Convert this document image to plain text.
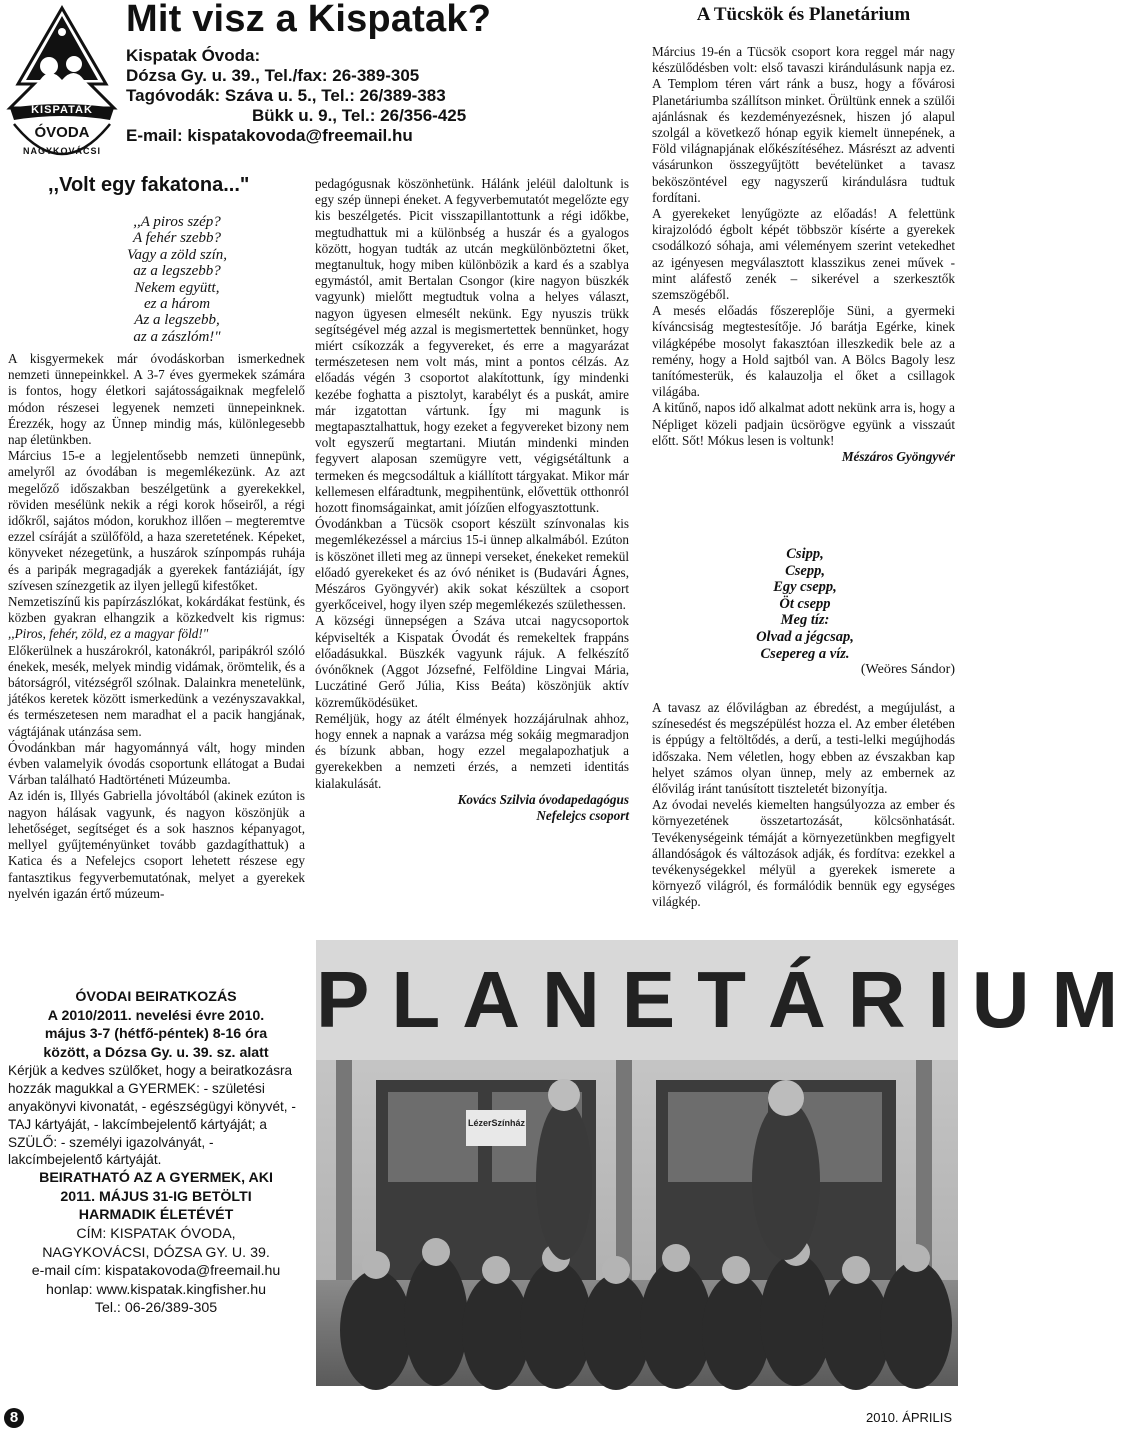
KISPATAK
ÓVODA
NAGYKOVÁCSI
Mit visz a Kispatak?
Kispatak Óvoda:
Dózsa Gy. u. 39., Tel./fax: 26-389-305
Tagóvodák: Száva u. 5., Tel.: 26/389-383
Bükk u. 9., Tel.: 26/356-425
E-mail: kispatakovoda@freemail.hu
,,Volt egy fakatona..."
,,A piros szép?
A fehér szebb?
Vagy a zöld szín,
az a legszebb?
Nekem együtt,
ez a három
Az a legszebb,
az a zászlóm!"

A kisgyermekek már óvodáskorban ismerkednek nemzeti ünnepeinkkel. A 3-7 éves gyermekek számára is fontos, hogy életkori sajátosságaiknak megfelelő módon részesei legyenek nemzeti ünnepeinknek. Érezzék, hogy az Ünnep mindig más, különlegesebb nap életünkben.

Március 15-e a legjelentősebb nemzeti ünnepünk, amelyről az óvodában is megemlékezünk. Az azt megelőző időszakban beszélgetünk a gyerekekkel, röviden mesélünk nekik a régi korok hőseiről, a régi időkről, sajátos módon, korukhoz illően – megteremtve ezzel csíráját a szülőföld, a haza szeretetének. Képeket, könyveket nézegetünk, a huszárok színpompás ruhája és a paripák megragadják a gyerekek fantáziáját, így szívesen színezgetik az ilyen jellegű kifestőket.

Nemzetiszínű kis papírzászlókat, kokárdákat festünk, és közben gyakran elhangzik a közkedvelt kis rigmus: ,,Piros, fehér, zöld, ez a magyar föld!"

Előkerülnek a huszárokról, katonákról, paripákról szóló énekek, mesék, melyek mindig vidámak, örömtelik, és a bátorságról, vitézségről szólnak. Dalainkra menetelünk, játékos keretek között ismerkedünk a vezényszavakkal, és természetesen nem maradhat el a pacik hangjának, vágtájának utánzása sem.

Óvodánkban már hagyománnyá vált, hogy minden évben valamelyik óvodás csoportunk ellátogat a Budai Várban található Hadtörténeti Múzeumba.

Az idén is, Illyés Gabriella jóvoltából (akinek ezúton is nagyon hálásak vagyunk, és nagyon köszönjük a lehetőséget, segítséget és a sok hasznos képanyagot, mellyel gyűjteményünket tovább gazdagíthattuk) a Katica és a Nefelejcs csoport lehetett részese egy fantasztikus fegyverbemutatónak, melyet a gyerekek nyelvén igazán értő múzeum-

pedagógusnak köszönhetünk. Hálánk jeléül daloltunk is egy szép ünnepi éneket. A fegyverbemutatót megelőzte egy kis beszélgetés. Picit visszapillantottunk a régi időkbe, megtudhattuk mi a különbség a huszár és a gyalogos között, hogyan tudták az utcán megkülönböztetni őket, megtanultuk, hogy miben különbözik a kard és a szablya egymástól, amit Bertalan Csongor (kire nagyon büszkék vagyunk) mielőtt megtudtuk volna a helyes választ, nagyon ügyesen elmesélt nekünk. Egy nyuszis trükk segítségével még azzal is megismertettek bennünket, hogy miért csíkozzák a fegyvereket, és erre a magyarázat természetesen nem volt más, mint a pontos célzás. Az előadás végén 3 csoportot alakítottunk, így mindenki kezébe foghatta a pisztolyt, karabélyt és a puskát, amire már izgatottan vártunk. Így mi magunk is megtapasztalhattuk, hogy ezeket a fegyvereket bizony nem volt egyszerű megtartani. Miután mindenki minden fegyvert alaposan szemügyre vett, végigsétáltunk a termeken és megcsodáltuk a kiállított tárgyakat. Mikor már kellemesen elfáradtunk, megpihentünk, elővettük otthonról hozott finomságainkat, amit jóízűen elfogyasztottunk.

Óvodánkban a Tücsök csoport készült színvonalas kis megemlékezéssel a március 15-i ünnep alkalmából. Ezúton is köszönet illeti meg az ünnepi verseket, énekeket remekül előadó gyerekeket és az óvó néniket is (Budavári Ágnes, Mészáros Gyöngyvér) akik sokat készültek a csoport gyerkőceivel, hogy ilyen szép megemlékezés születhessen.

A községi ünnepségen a Száva utcai nagycsoportok képviselték a Kispatak Óvodát és remekeltek frappáns előadásukkal. Büszkék vagyunk rájuk. A felkészítő óvónőknek (Aggot Józsefné, Felföldine Lingvai Mária, Luczátiné Gerő Júlia, Kiss Beáta) köszönjük aktív közreműködésüket.

Reméljük, hogy az átélt élmények hozzájárulnak ahhoz, hogy ennek a napnak a varázsa még sokáig megmaradjon és bízunk abban, hogy ezzel megalapozhatjuk a gyerekekben a nemzeti érzés, a nemzeti identitás kialakulását.

Kovács Szilvia óvodapedagógus

Nefelejcs csoport

A Tücskök és Planetárium

Március 19-én a Tücsök csoport kora reggel már nagy készülődésben volt: első tavaszi kirándulásunk napja ez. A Templom téren várt ránk a busz, hogy a fővárosi Planetáriumba szállítson minket. Örültünk ennek a szülői ajánlásnak és kezdeményezésnek, hiszen jó alapul szolgál a következő hónap egyik kiemelt ünnepének, a Föld világnapjának előkészítéséhez. Másrészt az adventi vásárunkon összegyűjtött bevételünket a tavasz beköszöntével egy nagyszerű kirándulásra tudtuk fordítani.

A gyerekeket lenyűgözte az előadás! A felettünk kirajzolódó égbolt képét többször kísérte a gyerekek csodálkozó sóhaja, ami véleményem szerint vetekedhet az igényesen megválasztott klasszikus zenei művek - mint aláfestő zenék – sikerével a szerkesztők szemszögéből.

A mesés előadás főszereplője Süni, a gyermeki kíváncsiság megtestesítője. Jó barátja Egérke, kinek világképébe mosolyt fakasztóan illeszkedik bele az a remény, hogy a Hold sajtból van. A Bölcs Bagoly lesz tanítómesterük, és kalauzolja el őket a csillagok világába.

A kitűnő, napos idő alkalmat adott nekünk arra is, hogy a Népliget közeli padjain ücsörögve együnk a visszaút előtt. Sőt! Mókus lesen is voltunk!

Mészáros Gyöngyvér

Csipp,
Csepp,
Egy csepp,
Öt csepp
Meg tíz:
Olvad a jégcsap,
Csepereg a víz.
(Weöres Sándor)

A tavasz az élővilágban az ébredést, a megújulást, a színesedést és megszépülést hozza el. Az ember életében is éppúgy a feltöltődés, a derű, a testi-lelki megújhodás időszaka. Nem véletlen, hogy ebben az évszakban kap helyet számos olyan ünnep, mely az embernek az élővilág iránt tanúsított tiszteletét bizonyítja.

Az óvodai nevelés kiemelten hangsúlyozza az ember és környezetének összetartozását, kölcsönhatását. Tevékenységeink témáját a környezetünkben megfigyelt állandóságok és változások adják, és fordítva: ezekkel a tevékenységekkel mélyül a gyerekek ismerete a környező világról, és formálódik bennük egy egységes világkép.

PLANETÁRIUM
LézerSzínház
ÓVODAI BEIRATKOZÁS
A 2010/2011. nevelési évre 2010.
május 3-7 (hétfő-péntek) 8-16 óra
között, a Dózsa Gy. u. 39. sz. alatt
Kérjük a kedves szülőket, hogy a beiratkozásra hozzák magukkal a GYERMEK: - születési anyakönyvi kivonatát, - egészségügyi könyvét, - TAJ kártyáját, - lakcímbejelentő kártyáját; a SZÜLŐ: - személyi igazolványát, - lakcímbejelentő kártyáját.
BEIRATHATÓ AZ A GYERMEK, AKI
2011. MÁJUS 31-IG BETÖLTI
HARMADIK ÉLETÉVÉT
CÍM: KISPATAK ÓVODA,
NAGYKOVÁCSI, DÓZSA GY. U. 39.
e-mail cím: kispatakovoda@freemail.hu
honlap: www.kispatak.kingfisher.hu
Tel.: 06-26/389-305
8	2010. ÁPRILIS
